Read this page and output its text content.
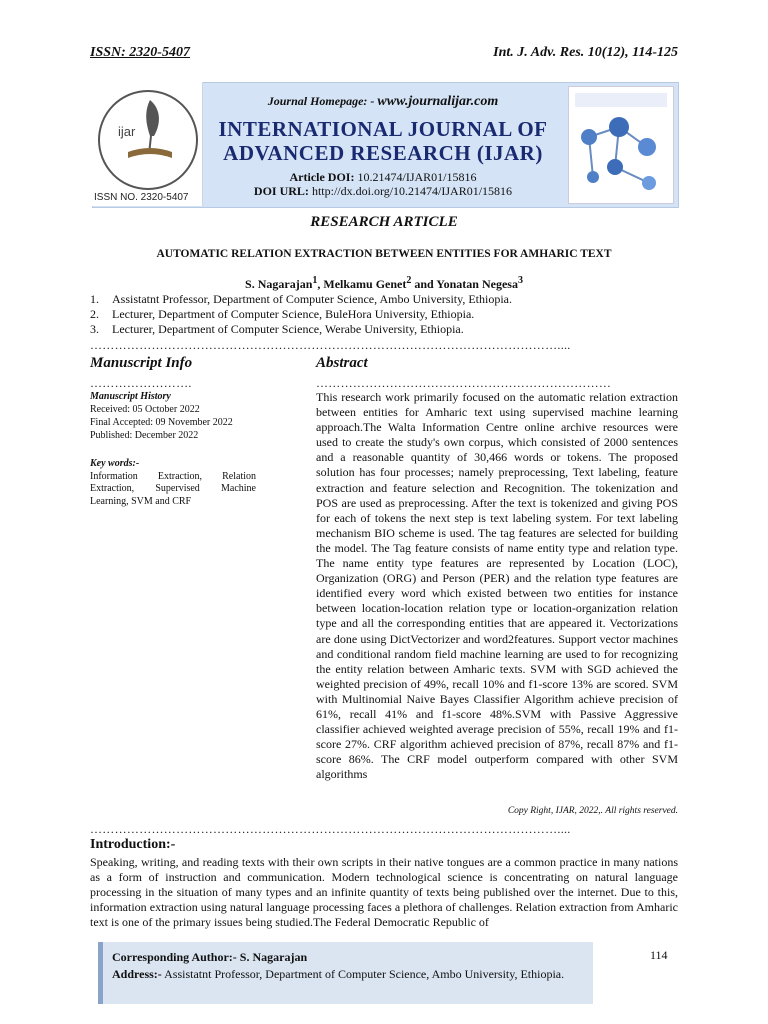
ISSN: 2320-5407	Int. J. Adv. Res. 10(12), 114-125
ijar
ISSN NO. 2320-5407
Journal Homepage: - www.journalijar.com
INTERNATIONAL JOURNAL OF
ADVANCED RESEARCH (IJAR)
Article DOI: 10.21474/IJAR01/15816
DOI URL: http://dx.doi.org/10.21474/IJAR01/15816
RESEARCH ARTICLE
AUTOMATIC RELATION EXTRACTION BETWEEN ENTITIES FOR AMHARIC TEXT
S. Nagarajan$^1$, Melkamu Genet$^2$ and Yonatan Negesa$^3$
1. Assistatnt Professor, Department of Computer Science, Ambo University, Ethiopia.
2. Lecturer, Department of Computer Science, BuleHora University, Ethiopia.
3. Lecturer, Department of Computer Science, Werabe University, Ethiopia.
……………………………………………………………………………………………………....
Manuscript Info	Abstract
…………………….	………………………………………………………………
Manuscript History
Received: 05 October 2022
Final Accepted: 09 November 2022
Published: December 2022
Key words:-
Information Extraction, Relation Extraction, Supervised Machine Learning, SVM and CRF
This research work primarily focused on the automatic relation extraction between entities for Amharic text using supervised machine learning approach.The Walta Information Centre online archive resources were used to create the study's own corpus, which consisted of 2000 sentences and a reasonable quantity of 30,466 words or tokens. The proposed solution has four processes; namely preprocessing, Text labeling, feature extraction and feature selection and Recognition. The tokenization and POS are used as preprocessing. After the text is tokenized and giving POS for each of tokens the next step is text labeling system. For text labeling mechanism BIO scheme is used. The tag features are selected for building the model. The Tag feature consists of name entity type and relation type. The name entity type features are represented by Location (LOC), Organization (ORG) and Person (PER) and the relation type features are identified every word which existed between two entities for instance between location-location relation type or location-organization relation type and all the corresponding entities that are appeared it. Vectorizations are done using DictVectorizer and word2features. Support vector machines and conditional random field machine learning are used to for recognizing the entity relation between Amharic texts. SVM with SGD achieved the weighted precision of 49%, recall 10% and f1-score 13% are scored. SVM with Multinomial Naive Bayes Classifier Algorithm achieve precision of 61%, recall 41% and f1-score 48%.SVM with Passive Aggressive classifier achieved weighted average precision of 55%, recall 19% and f1-score 27%. CRF algorithm achieved precision of 87%, recall 87% and f1-score 86%. The CRF model outperform compared with other SVM algorithms
Copy Right, IJAR, 2022,. All rights reserved.
……………………………………………………………………………………………………....
Introduction:-
Speaking, writing, and reading texts with their own scripts in their native tongues are a common practice in many nations as a form of instruction and communication. Modern technological science is concentrating on natural language processing in the situation of many types and an infinite quantity of texts being published over the internet. Due to this, information extraction using natural language processing faces a plethora of challenges. Relation extraction from Amharic text is one of the primary issues being studied.The Federal Democratic Republic of
Corresponding Author:- S. Nagarajan
Address:- Assistatnt Professor, Department of Computer Science, Ambo University, Ethiopia.
114
